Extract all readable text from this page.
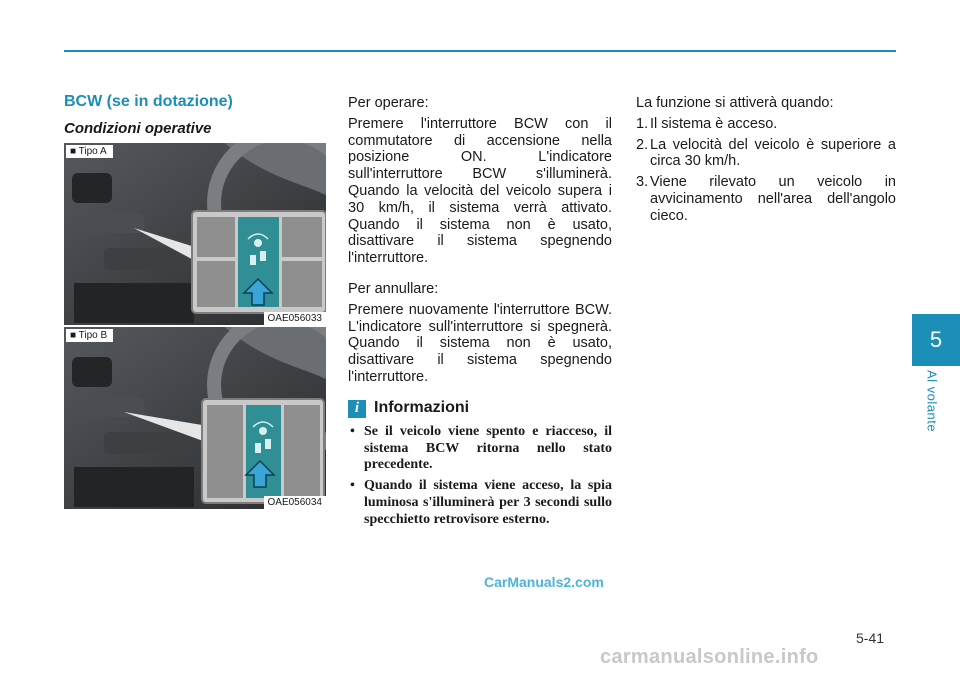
5
Al volante
BCW (se in dotazione)
Condizioni operative
■ Tipo A
OAE056033
■ Tipo B
OAE056034

Per operare:

Premere l'interruttore BCW con il commutatore di accensione nella posizione ON. L'indicatore sull'interruttore BCW s'illuminerà. Quando la velocità del veicolo supera i 30 km/h, il sistema verrà attivato. Quando il sistema non è usato, disattivare il sistema spegnendo l'interruttore.

Per annullare:

Premere nuovamente l'interruttore BCW. L'indicatore sull'interruttore si spegnerà. Quando il sistema non è usato, disattivare il sistema spegnendo l'interruttore.

i Informazioni
• Se il veicolo viene spento e riacceso, il sistema BCW ritorna nello stato precedente.
• Quando il sistema viene acceso, la spia luminosa s'illuminerà per 3 secondi sullo specchietto retrovisore esterno.

La funzione si attiverà quando:

1. Il sistema è acceso.
2. La velocità del veicolo è superiore a circa 30 km/h.
3. Viene rilevato un veicolo in avvicinamento nell'area dell'angolo cieco.
CarManuals2.com
5-41
carmanualsonline.info
